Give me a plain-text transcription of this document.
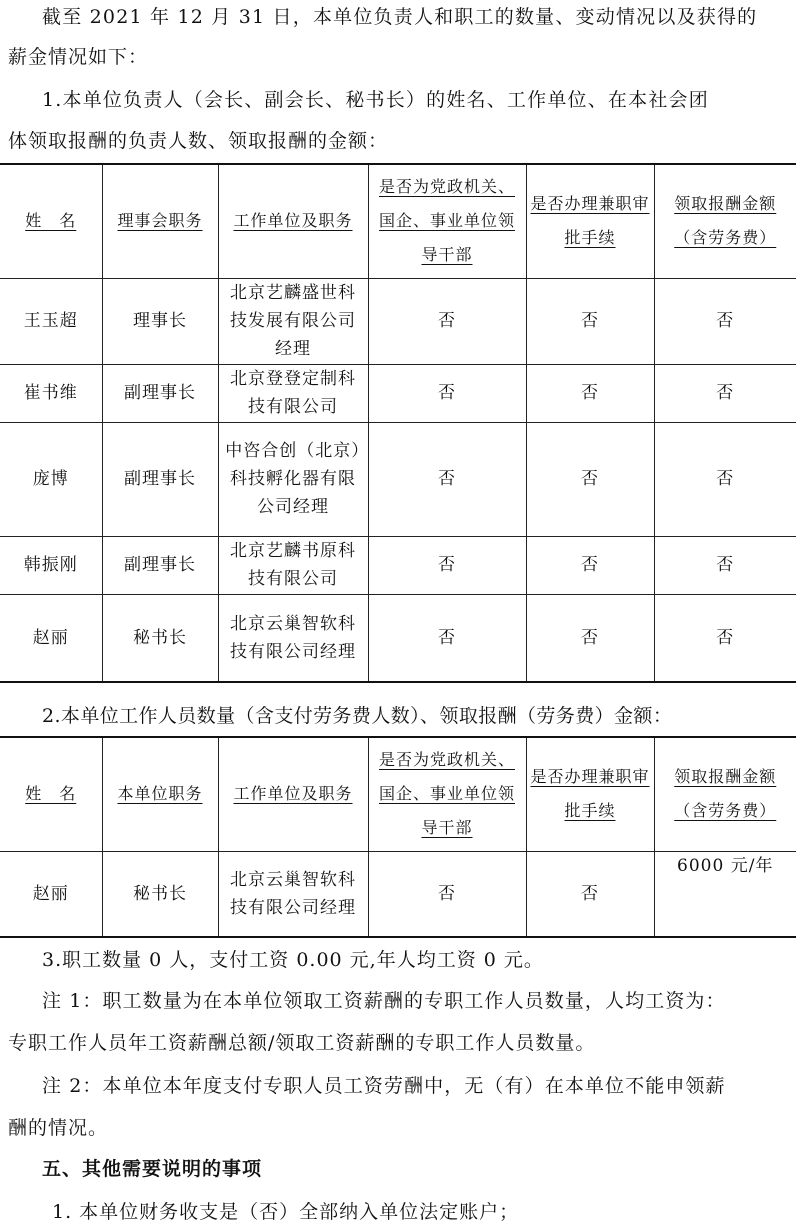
截至 2021 年 12 月 31 日，本单位负责人和职工的数量、变动情况以及获得的
薪金情况如下：
1.本单位负责人（会长、副会长、秘书长）的姓名、工作单位、在本社会团
体领取报酬的负责人数、领取报酬的金额：
姓　名	理事会职务	工作单位及职务	是否为党政机关、国企、事业单位领导干部	是否办理兼职审批手续	领取报酬金额（含劳务费）
王玉超	理事长	北京艺麟盛世科技发展有限公司经理	否	否	否
崔书维	副理事长	北京登登定制科技有限公司	否	否	否
庞博	副理事长	中咨合创（北京）科技孵化器有限公司经理	否	否	否
韩振刚	副理事长	北京艺麟书原科技有限公司	否	否	否
赵丽	秘书长	北京云巢智软科技有限公司经理	否	否	否
2.本单位工作人员数量（含支付劳务费人数）、领取报酬（劳务费）金额：
姓　名	本单位职务	工作单位及职务	是否为党政机关、国企、事业单位领导干部	是否办理兼职审批手续	领取报酬金额（含劳务费）
赵丽	秘书长	北京云巢智软科技有限公司经理	否	否	6000 元/年
3.职工数量 0 人，支付工资 0.00 元,年人均工资 0 元。
注 1：职工数量为在本单位领取工资薪酬的专职工作人员数量，人均工资为：
专职工作人员年工资薪酬总额/领取工资薪酬的专职工作人员数量。
注 2：本单位本年度支付专职人员工资劳酬中，无（有）在本单位不能申领薪
酬的情况。
五、其他需要说明的事项
1. 本单位财务收支是（否）全部纳入单位法定账户；
